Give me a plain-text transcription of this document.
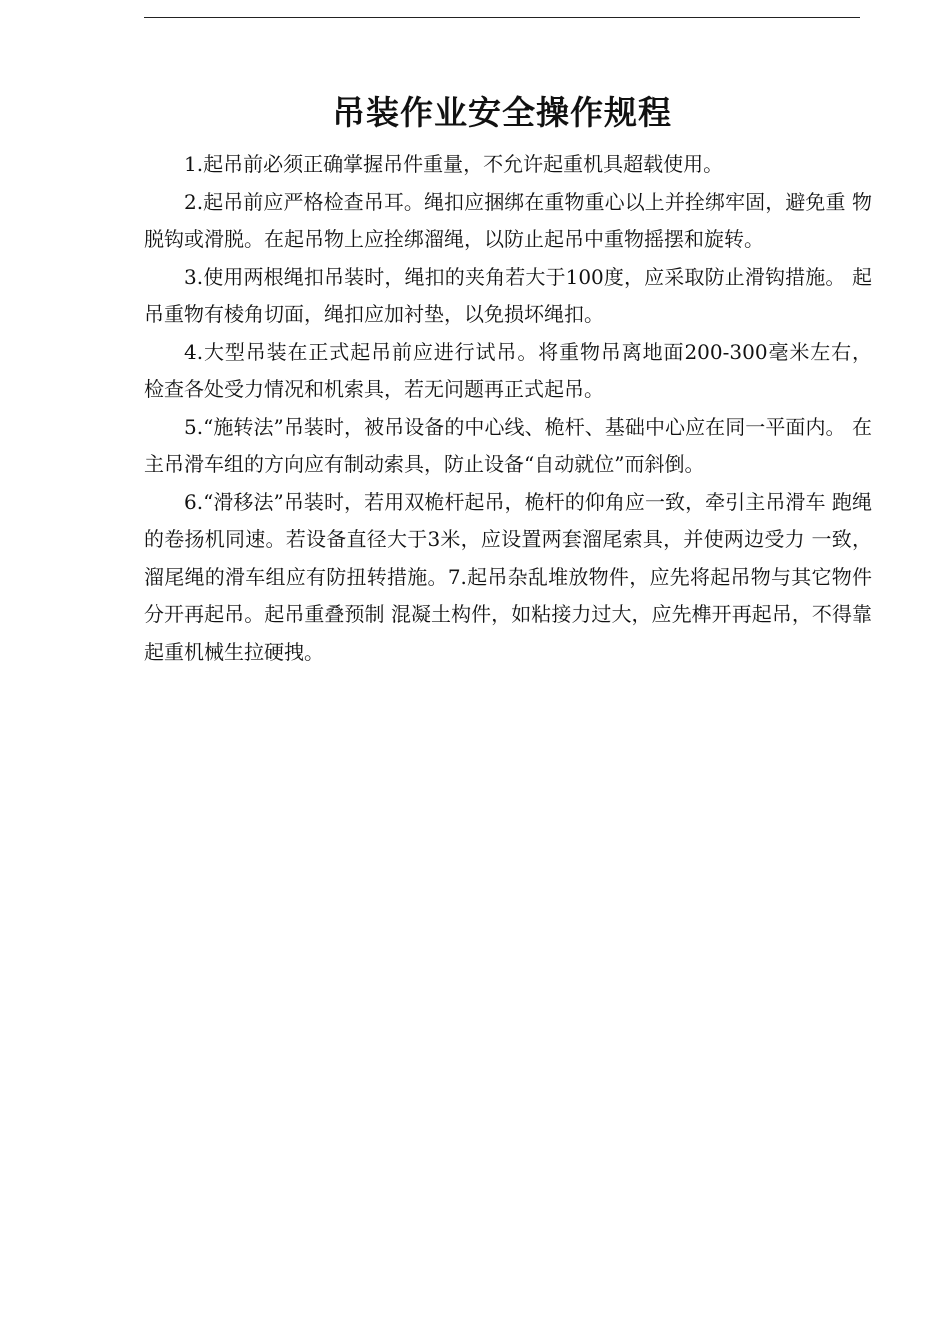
吊装作业安全操作规程

1.起吊前必须正确掌握吊件重量，不允许起重机具超载使用。

2.起吊前应严格检查吊耳。绳扣应捆绑在重物重心以上并拴绑牢固，避免重 物脱钩或滑脱。在起吊物上应拴绑溜绳，以防止起吊中重物摇摆和旋转。

3.使用两根绳扣吊装时，绳扣的夹角若大于100度，应采取防止滑钩措施。 起吊重物有棱角切面，绳扣应加衬垫，以免损坏绳扣。

4.大型吊装在正式起吊前应进行试吊。将重物吊离地面200-300毫米左右， 检查各处受力情况和机索具，若无问题再正式起吊。

5.“施转法”吊装时，被吊设备的中心线、桅杆、基础中心应在同一平面内。 在主吊滑车组的方向应有制动索具，防止设备“自动就位”而斜倒。

6.“滑移法”吊装时，若用双桅杆起吊，桅杆的仰角应一致，牵引主吊滑车 跑绳的卷扬机同速。若设备直径大于3米，应设置两套溜尾索具，并使两边受力 一致，溜尾绳的滑车组应有防扭转措施。7.起吊杂乱堆放物件，应先将起吊物与其它物件分开再起吊。起吊重叠预制 混凝土构件，如粘接力过大，应先榫开再起吊，不得靠起重机械生拉硬拽。
